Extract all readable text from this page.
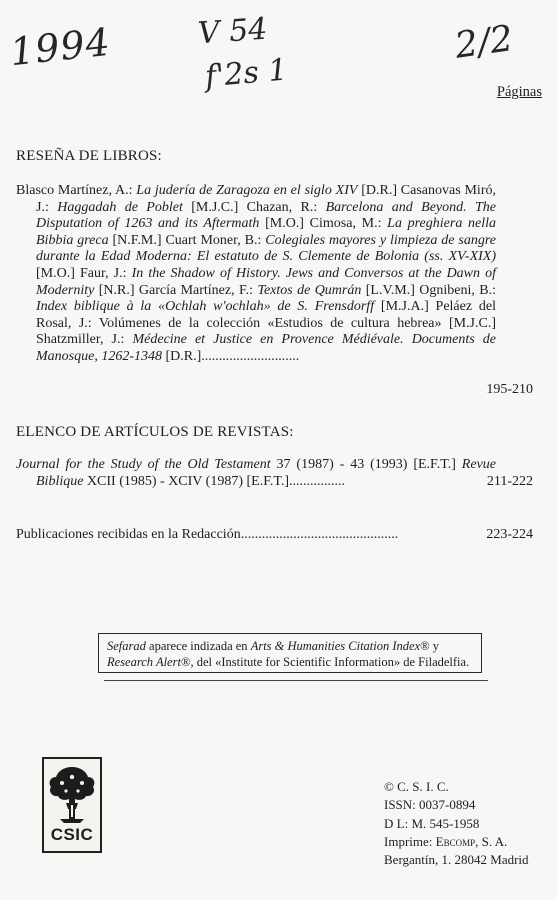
1994	V 54
f'2s 1
2/2
Páginas
RESEÑA DE LIBROS:
Blasco Martínez, A.: La judería de Zaragoza en el siglo XIV [D.R.] Casanovas Miró, J.: Haggadah de Poblet [M.J.C.] Chazan, R.: Barcelona and Beyond. The Disputation of 1263 and its Aftermath [M.O.] Cimosa, M.: La preghiera nella Bibbia greca [N.F.M.] Cuart Moner, B.: Colegiales mayores y limpieza de sangre durante la Edad Moderna: El estatuto de S. Clemente de Bolonia (ss. XV-XIX) [M.O.] Faur, J.: In the Shadow of History. Jews and Conversos at the Dawn of Modernity [N.R.] García Martínez, F.: Textos de Qumrán [L.V.M.] Ognibeni, B.: Index biblique à la «Ochlah w'ochlah» de S. Frensdorff [M.J.A.] Peláez del Rosal, J.: Volúmenes de la colección «Estudios de cultura hebrea» [M.J.C.] Shatzmiller, J.: Médecine et Justice en Provence Médiévale. Documents de Manosque, 1262-1348 [D.R.]............................
195-210
ELENCO DE ARTÍCULOS DE REVISTAS:
Journal for the Study of the Old Testament 37 (1987) - 43 (1993) [E.F.T.] Revue Biblique XCII (1985) - XCIV (1987) [E.F.T.]................	211-222
Publicaciones recibidas en la Redacción.............................................	223-224
Sefarad aparece indizada en Arts & Humanities Citation Index® y Research Alert®, del «Institute for Scientific Information» de Filadelfia.
CSIC
© C. S. I. C.
ISSN: 0037-0894
D L: M. 545-1958
Imprime: Ebcomp, S. A.
Bergantín, 1. 28042 Madrid
